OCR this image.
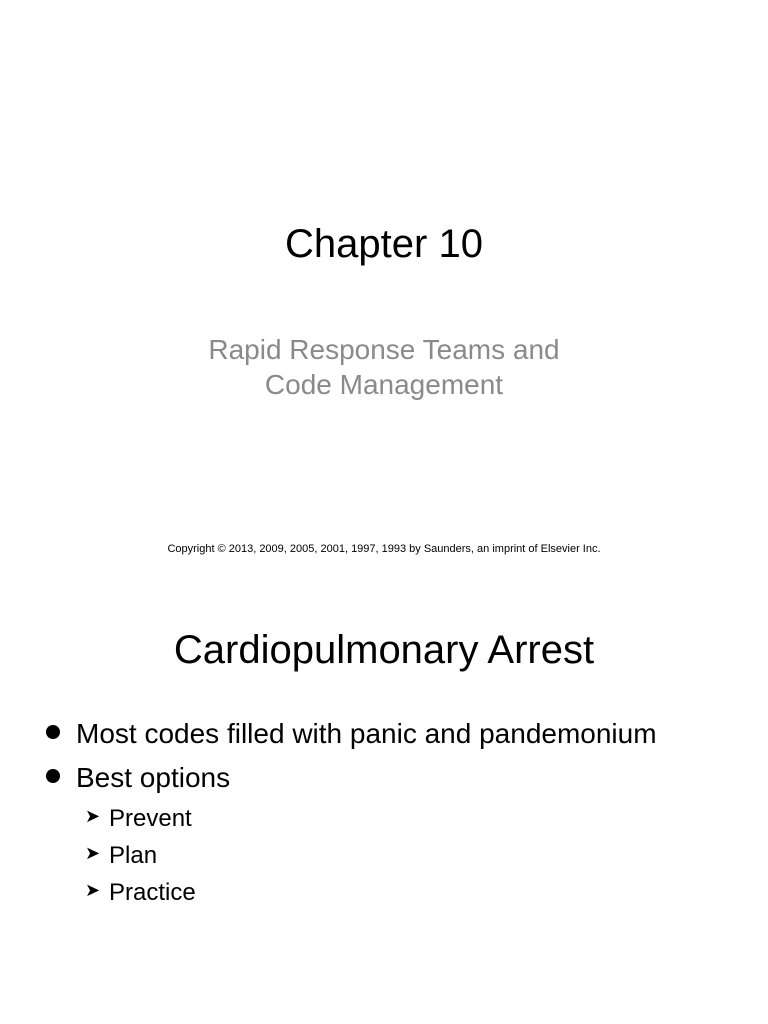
Chapter 10
Rapid Response Teams and
Code Management
Copyright © 2013, 2009, 2005, 2001, 1997, 1993 by Saunders, an imprint of Elsevier Inc.
Cardiopulmonary Arrest
Most codes filled with panic and pandemonium
Best options
➤ Prevent
➤ Plan
➤ Practice
